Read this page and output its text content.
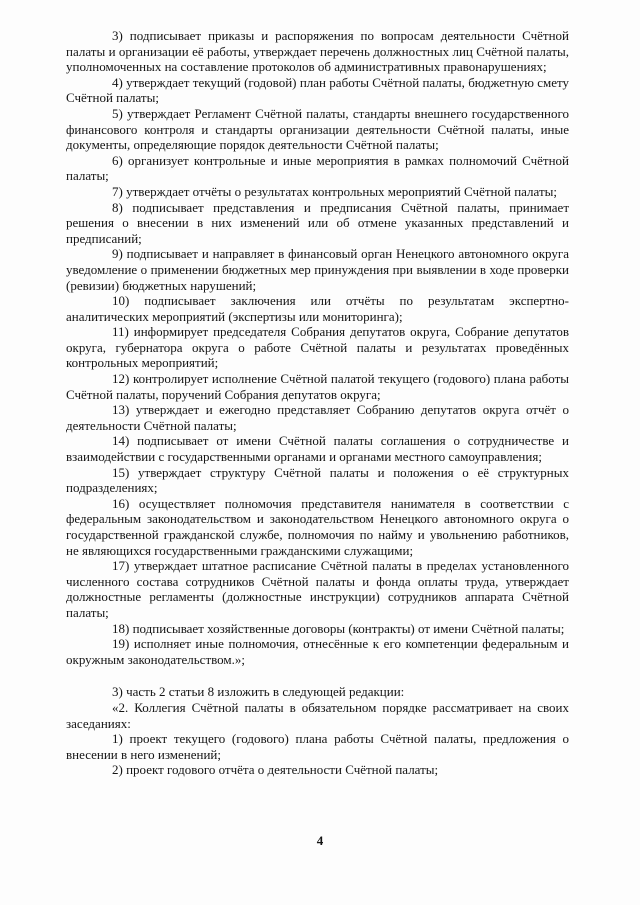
3) подписывает приказы и распоряжения по вопросам деятельности Счётной палаты и организации её работы, утверждает перечень должностных лиц Счётной палаты, уполномоченных на составление протоколов об административных правонарушениях;

4) утверждает текущий (годовой) план работы Счётной палаты, бюджетную смету Счётной палаты;

5) утверждает Регламент Счётной палаты, стандарты внешнего государственного финансового контроля и стандарты организации деятельности Счётной палаты, иные документы, определяющие порядок деятельности Счётной палаты;

6) организует контрольные и иные мероприятия в рамках полномочий Счётной палаты;

7) утверждает отчёты о результатах контрольных мероприятий Счётной палаты;

8) подписывает представления и предписания Счётной палаты, принимает решения о внесении в них изменений или об отмене указанных представлений и предписаний;

9) подписывает и направляет в финансовый орган Ненецкого автономного округа уведомление о применении бюджетных мер принуждения при выявлении в ходе проверки (ревизии) бюджетных нарушений;

10) подписывает заключения или отчёты по результатам экспертно-аналитических мероприятий (экспертизы или мониторинга);

11) информирует председателя Собрания депутатов округа, Собрание депутатов округа, губернатора округа о работе Счётной палаты и результатах проведённых контрольных мероприятий;

12) контролирует исполнение Счётной палатой текущего (годового) плана работы Счётной палаты, поручений Собрания депутатов округа;

13) утверждает и ежегодно представляет Собранию депутатов округа отчёт о деятельности Счётной палаты;

14) подписывает от имени Счётной палаты соглашения о сотрудничестве и взаимодействии с государственными органами и органами местного самоуправления;

15) утверждает структуру Счётной палаты и положения о её структурных подразделениях;

16) осуществляет полномочия представителя нанимателя в соответствии с федеральным законодательством и законодательством Ненецкого автономного округа о государственной гражданской службе, полномочия по найму и увольнению работников, не являющихся государственными гражданскими служащими;

17) утверждает штатное расписание Счётной палаты в пределах установленного численного состава сотрудников Счётной палаты и фонда оплаты труда, утверждает должностные регламенты (должностные инструкции) сотрудников аппарата Счётной палаты;

18) подписывает хозяйственные договоры (контракты) от имени Счётной палаты;

19) исполняет иные полномочия, отнесённые к его компетенции федеральным и окружным законодательством.»;

3) часть 2 статьи 8 изложить в следующей редакции:

«2. Коллегия Счётной палаты в обязательном порядке рассматривает на своих заседаниях:

1) проект текущего (годового) плана работы Счётной палаты, предложения о внесении в него изменений;

2) проект годового отчёта о деятельности Счётной палаты;

4
